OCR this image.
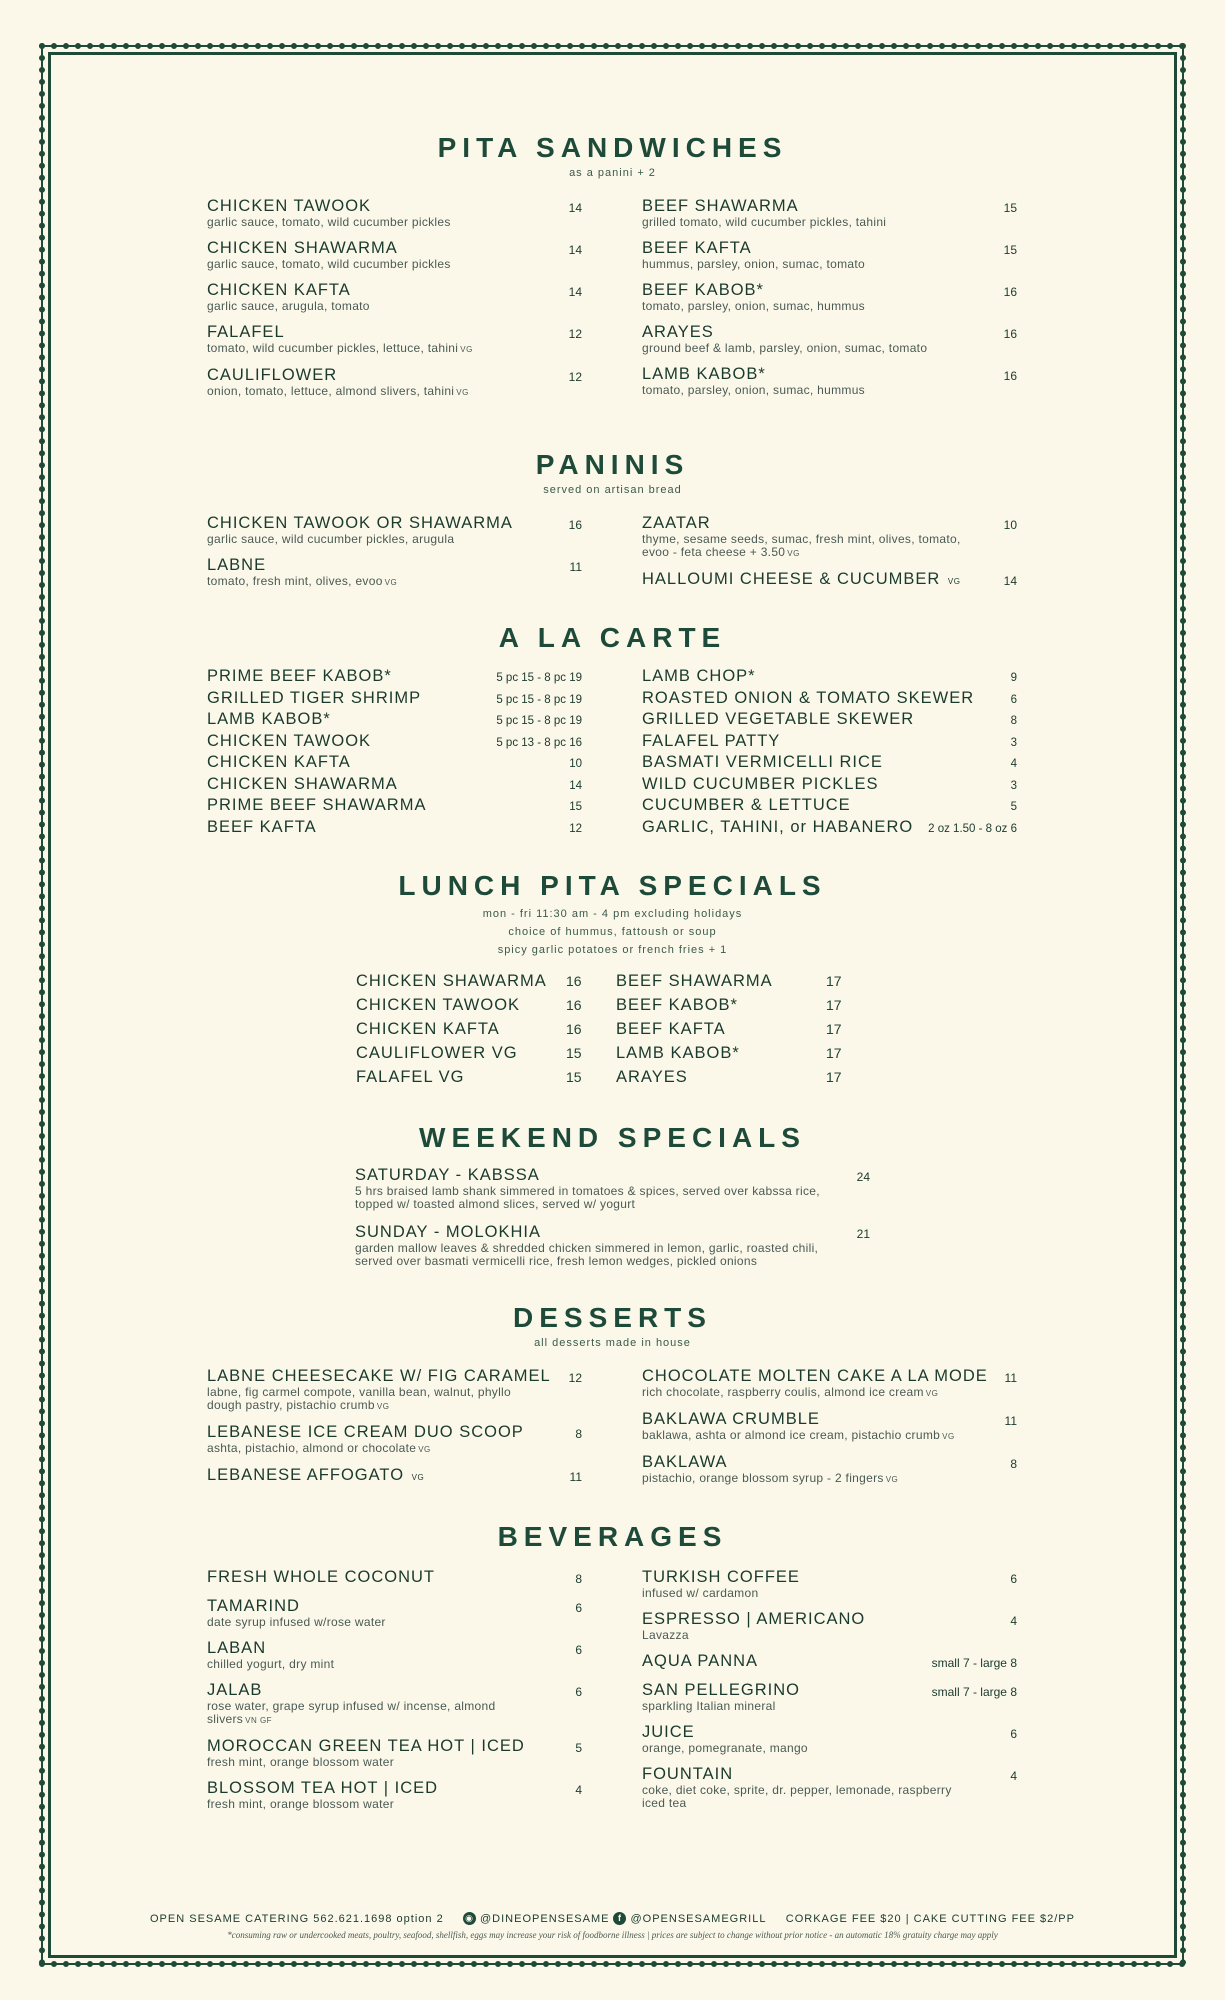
PITA SANDWICHES
as a panini + 2
CHICKEN TAWOOK
garlic sauce, tomato, wild cucumber pickles
14
CHICKEN SHAWARMA
garlic sauce, tomato, wild cucumber pickles
14
CHICKEN KAFTA
garlic sauce, arugula, tomato
14
FALAFEL
tomato, wild cucumber pickles, lettuce, tahini VG
12
CAULIFLOWER
onion, tomato, lettuce, almond slivers, tahini VG
12
BEEF SHAWARMA
grilled tomato, wild cucumber pickles, tahini
15
BEEF KAFTA
hummus, parsley, onion, sumac, tomato
15
BEEF KABOB*
tomato, parsley, onion, sumac, hummus
16
ARAYES
ground beef & lamb, parsley, onion, sumac, tomato
16
LAMB KABOB*
tomato, parsley, onion, sumac, hummus
16
PANINIS
served on artisan bread
CHICKEN TAWOOK OR SHAWARMA
garlic sauce, wild cucumber pickles, arugula
16
LABNE
tomato, fresh mint, olives, evoo VG
11
ZAATAR
thyme, sesame seeds, sumac, fresh mint, olives, tomato, evoo - feta cheese + 3.50 VG
10
HALLOUMI CHEESE & CUCUMBER VG	14
A LA CARTE
PRIME BEEF KABOB*	5 pc 15 - 8 pc 19
GRILLED TIGER SHRIMP	5 pc 15 - 8 pc 19
LAMB KABOB*	5 pc 15 - 8 pc 19
CHICKEN TAWOOK	5 pc 13 - 8 pc 16
CHICKEN KAFTA	10
CHICKEN SHAWARMA	14
PRIME BEEF SHAWARMA	15
BEEF KAFTA	12
LAMB CHOP*	9
ROASTED ONION & TOMATO SKEWER	6
GRILLED VEGETABLE SKEWER	8
FALAFEL PATTY	3
BASMATI VERMICELLI RICE	4
WILD CUCUMBER PICKLES	3
CUCUMBER & LETTUCE	5
GARLIC, TAHINI, or HABANERO 2 oz 1.50 - 8 oz 6
LUNCH PITA SPECIALS
mon - fri 11:30 am - 4 pm excluding holidays
choice of hummus, fattoush or soup
spicy garlic potatoes or french fries + 1
CHICKEN SHAWARMA	16
CHICKEN TAWOOK	16
CHICKEN KAFTA	16
CAULIFLOWER VG	15
FALAFEL VG	15
BEEF SHAWARMA	17
BEEF KABOB*	17
BEEF KAFTA	17
LAMB KABOB*	17
ARAYES	17
WEEKEND SPECIALS
SATURDAY - KABSSA
5 hrs braised lamb shank simmered in tomatoes & spices, served over kabssa rice, topped w/ toasted almond slices, served w/ yogurt
24
SUNDAY - MOLOKHIA
garden mallow leaves & shredded chicken simmered in lemon, garlic, roasted chili, served over basmati vermicelli rice, fresh lemon wedges, pickled onions
21
DESSERTS
all desserts made in house
LABNE CHEESECAKE W/ FIG CARAMEL
labne, fig carmel compote, vanilla bean, walnut, phyllo dough pastry, pistachio crumb VG
12
LEBANESE ICE CREAM DUO SCOOP
ashta, pistachio, almond or chocolate VG
8
LEBANESE AFFOGATO VG	11
CHOCOLATE MOLTEN CAKE A LA MODE
rich chocolate, raspberry coulis, almond ice cream VG
11
BAKLAWA CRUMBLE
baklawa, ashta or almond ice cream, pistachio crumb VG
11
BAKLAWA
pistachio, orange blossom syrup - 2 fingers VG
8
BEVERAGES
FRESH WHOLE COCONUT	8
TAMARIND
date syrup infused w/rose water
6
LABAN
chilled yogurt, dry mint
6
JALAB
rose water, grape syrup infused w/ incense, almond slivers VN GF
6
MOROCCAN GREEN TEA HOT | ICED
fresh mint, orange blossom water
5
BLOSSOM TEA HOT | ICED
fresh mint, orange blossom water
4
TURKISH COFFEE
infused w/ cardamon
6
ESPRESSO | AMERICANO
Lavazza
4
AQUA PANNA	small 7 - large 8
SAN PELLEGRINO
sparkling Italian mineral
small 7 - large 8
JUICE
orange, pomegranate, mango
6
FOUNTAIN
coke, diet coke, sprite, dr. pepper, lemonade, raspberry iced tea
4
OPEN SESAME CATERING 562.621.1698 option 2 ◉ @DINEOPENSESAME f @OPENSESAMEGRILL CORKAGE FEE $20 | CAKE CUTTING FEE $2/PP
*consuming raw or undercooked meats, poultry, seafood, shellfish, eggs may increase your risk of foodborne illness | prices are subject to change without prior notice - an automatic 18% gratuity charge may apply
